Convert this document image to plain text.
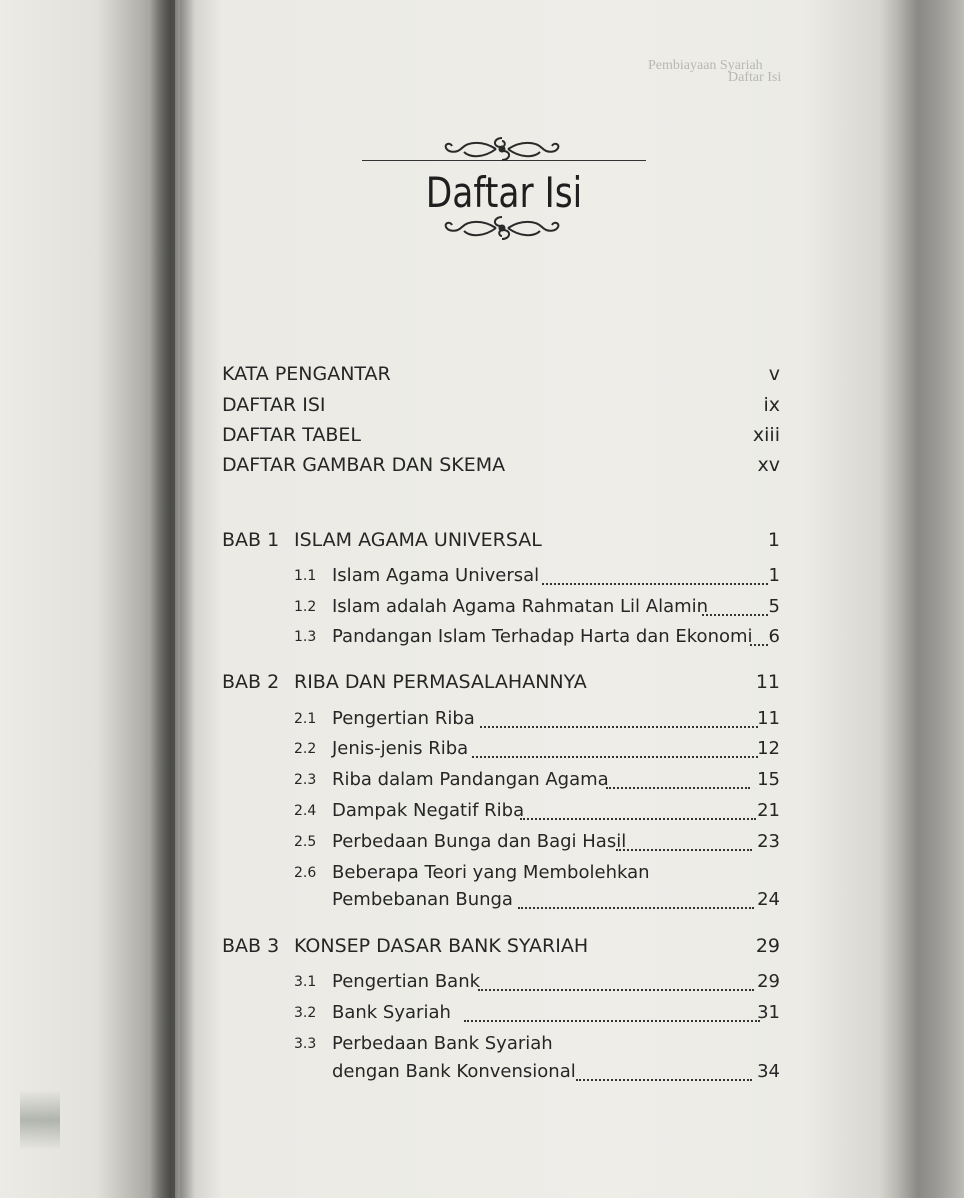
Pembiayaan Syariah
Daftar Isi
Daftar Isi
KATA PENGANTAR	v
DAFTAR ISI	ix
DAFTAR TABEL	xiii
DAFTAR GAMBAR DAN SKEMA	xv
BAB 1 ISLAM AGAMA UNIVERSAL	1
1.1 Islam Agama Universal	1
1.2 Islam adalah Agama Rahmatan Lil Alamin	5
1.3 Pandangan Islam Terhadap Harta dan Ekonomi 6
BAB 2 RIBA DAN PERMASALAHANNYA	11
2.1 Pengertian Riba	11
2.2 Jenis-jenis Riba	12
2.3 Riba dalam Pandangan Agama	15
2.4 Dampak Negatif Riba	21
2.5 Perbedaan Bunga dan Bagi Hasil	23
2.6 Beberapa Teori yang Membolehkan
Pembebanan Bunga	24
BAB 3 KONSEP DASAR BANK SYARIAH	29
3.1 Pengertian Bank	29
3.2 Bank Syariah	31
3.3 Perbedaan Bank Syariah
dengan Bank Konvensional	34
